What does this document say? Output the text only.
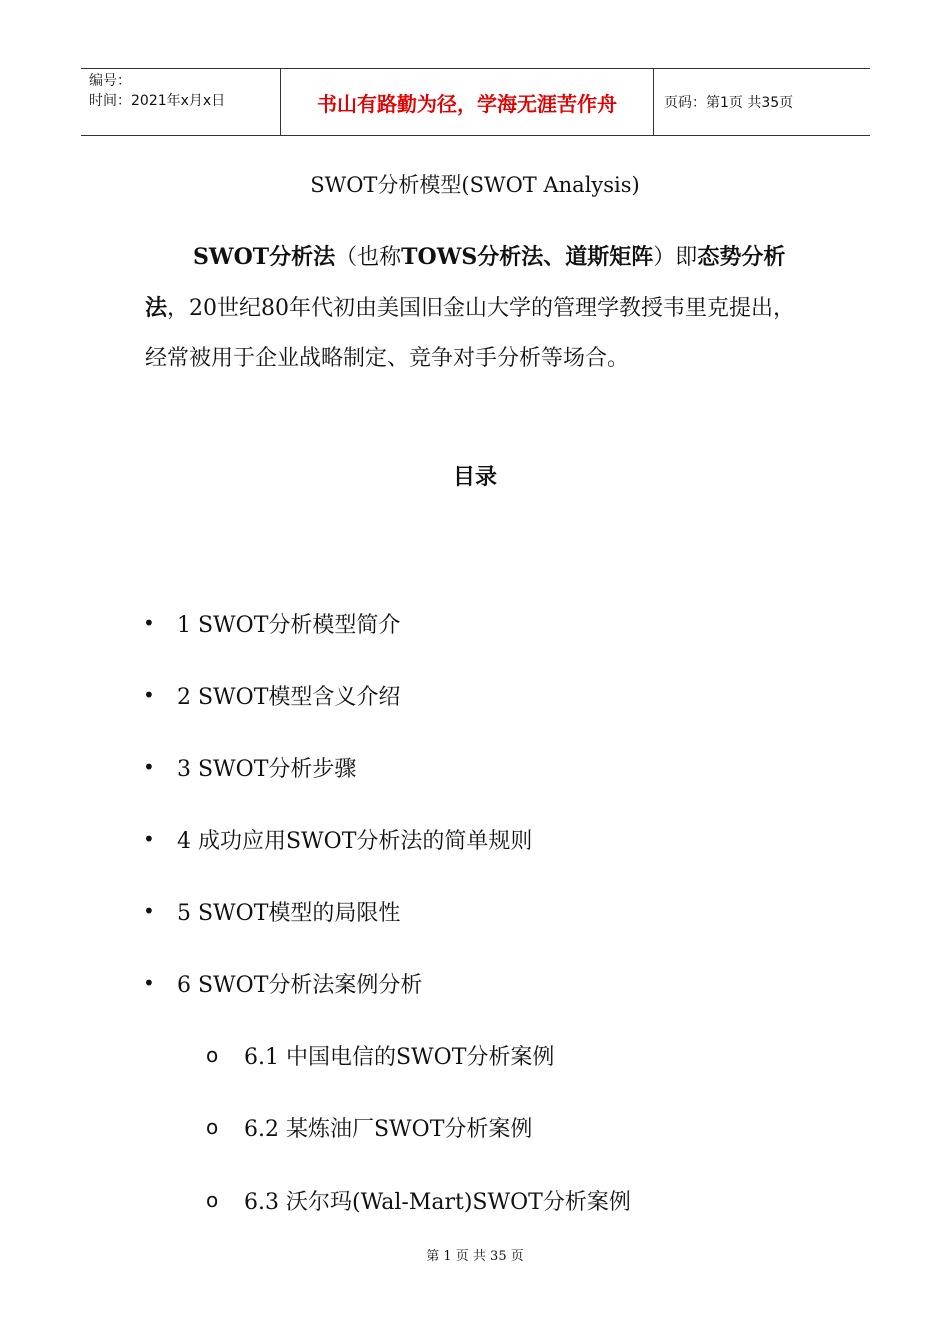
编号：
时间：2021年x月x日	书山有路勤为径，学海无涯苦作舟	页码：第1页 共35页
SWOT分析模型(SWOT Analysis)

SWOT分析法（也称TOWS分析法、道斯矩阵）即态势分析法，20世纪80年代初由美国旧金山大学的管理学教授韦里克提出，经常被用于企业战略制定、竞争对手分析等场合。

目录
•	1 SWOT分析模型简介
•	2 SWOT模型含义介绍
•	3 SWOT分析步骤
•	4 成功应用SWOT分析法的简单规则
•	5 SWOT模型的局限性
•	6 SWOT分析法案例分析
o	6.1 中国电信的SWOT分析案例
o	6.2 某炼油厂SWOT分析案例
o	6.3 沃尔玛(Wal-Mart)SWOT分析案例
第 1 页 共 35 页
